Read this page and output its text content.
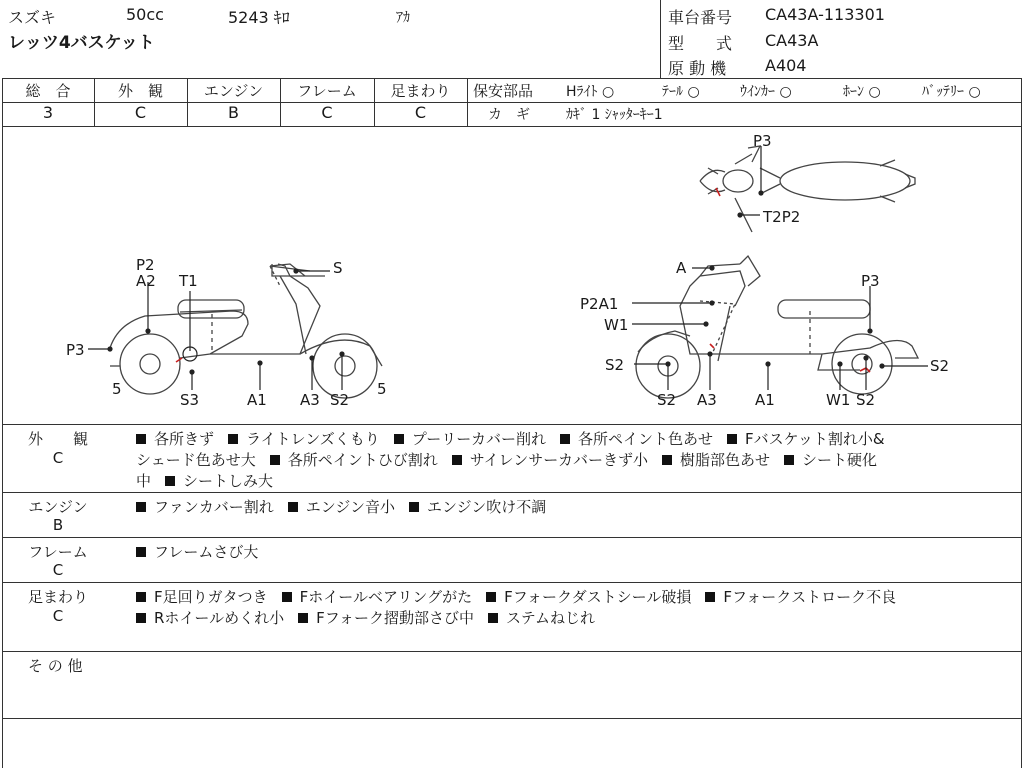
スズキ	50cc	5243 ｷﾛ	ｱｶ
レッツ4バスケット
車台番号 CA43A-113301
型　　式 CA43A
原 動 機 A404
総　合	外　観	エンジン	フレーム	足まわり
3	C	B	C	C
保安部品 Hﾗｲﾄ ○	ﾃｰﾙ ○	ｳｲﾝｶｰ ○	ﾎｰﾝ ○	ﾊﾞｯﾃﾘｰ ○
カ　ギ	ｶｷﾞ 1 ｼｬｯﾀｰｷｰ1
P3
T2P2
P2
A2 T1
S
P3
5
S3	A1 A3 S2
5
A
P3
P2A1
W1
S2	S2
S2 A3	A1	W1 S2
外　　観
C
各所きず ライトレンズくもり プーリーカバー削れ 各所ペイント色あせ Fバスケット割れ小&
シェード色あせ大 各所ペイントひび割れ サイレンサーカバーきず小 樹脂部色あせ シート硬化
中 シートしみ大
エンジン
B
ファンカバー割れ エンジン音小 エンジン吹け不調
フレーム
C
フレームさび大
足まわり
C
F足回りガタつき Fホイールベアリングがた Fフォークダストシール破損 Fフォークストローク不良
Rホイールめくれ小 Fフォーク摺動部さび中 ステムねじれ
そ の 他
